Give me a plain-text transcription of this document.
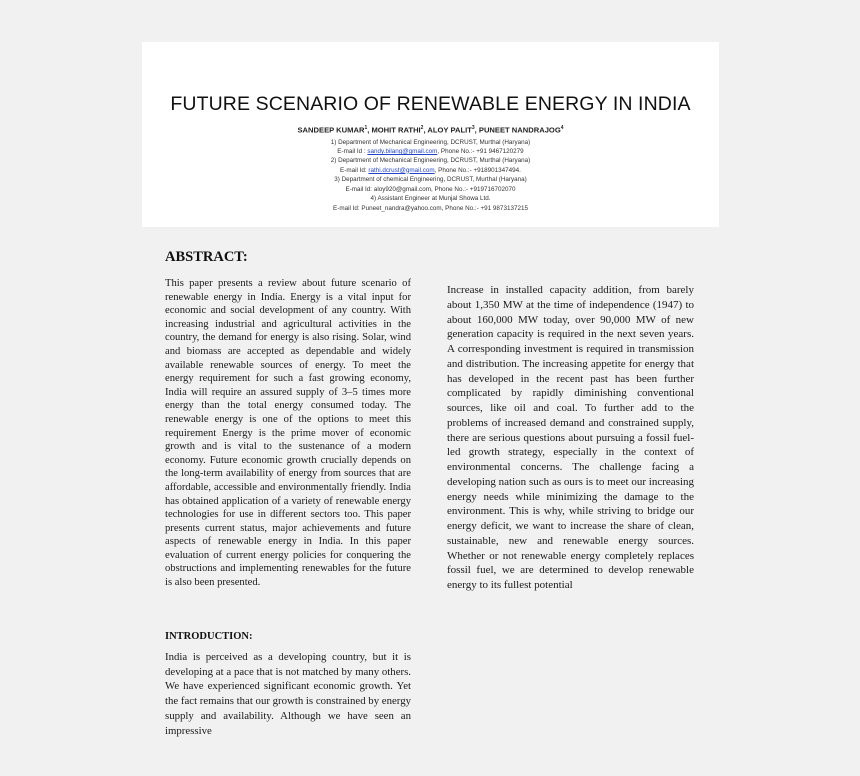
FUTURE SCENARIO OF RENEWABLE ENERGY IN INDIA
SANDEEP KUMAR$^1$, MOHIT RATHI$^2$, ALOY PALIT$^3$, PUNEET NANDRAJOG$^4$
1) Department of Mechanical Engineering, DCRUST, Murthal (Haryana)
E-mail Id : sandy.bilang@gmail.com, Phone No.:- +91 9467120279
2) Department of Mechanical Engineering, DCRUST, Murthal (Haryana)
E-mail Id: rathi.dcrust@gmail.com, Phone No.:- +918901347494.
3) Department of chemical Engineering, DCRUST, Murthal (Haryana)
E-mail Id: aloy920@gmail.com, Phone No.:- +919716702070
4) Assistant Engineer at Munjal Showa Ltd.
E-mail Id: Puneet_nandra@yahoo.com, Phone No.:- +91 9873137215
ABSTRACT:
This paper presents a review about future scenario of renewable energy in India. Energy is a vital input for economic and social development of any country. With increasing industrial and agricultural activities in the country, the demand for energy is also rising. Solar, wind and biomass are accepted as dependable and widely available renewable sources of energy. To meet the energy requirement for such a fast growing economy, India will require an assured supply of 3–5 times more energy than the total energy consumed today. The renewable energy is one of the options to meet this requirement Energy is the prime mover of economic growth and is vital to the sustenance of a modern economy. Future economic growth crucially depends on the long-term availability of energy from sources that are affordable, accessible and environmentally friendly. India has obtained application of a variety of renewable energy technologies for use in different sectors too. This paper presents current status, major achievements and future aspects of renewable energy in India. In this paper evaluation of current energy policies for conquering the obstructions and implementing renewables for the future is also been presented.
INTRODUCTION:
India is perceived as a developing country, but it is developing at a pace that is not matched by many others. We have experienced significant economic growth. Yet the fact remains that our growth is constrained by energy supply and availability. Although we have seen an impressive
Increase in installed capacity addition, from barely about 1,350 MW at the time of independence (1947) to about 160,000 MW today, over 90,000 MW of new generation capacity is required in the next seven years. A corresponding investment is required in transmission and distribution. The increasing appetite for energy that has developed in the recent past has been further complicated by rapidly diminishing conventional sources, like oil and coal. To further add to the problems of increased demand and constrained supply, there are serious questions about pursuing a fossil fuel-led growth strategy, especially in the context of environmental concerns. The challenge facing a developing nation such as ours is to meet our increasing energy needs while minimizing the damage to the environment. This is why, while striving to bridge our energy deficit, we want to increase the share of clean, sustainable, new and renewable energy sources. Whether or not renewable energy completely replaces fossil fuel, we are determined to develop renewable energy to its fullest potential
